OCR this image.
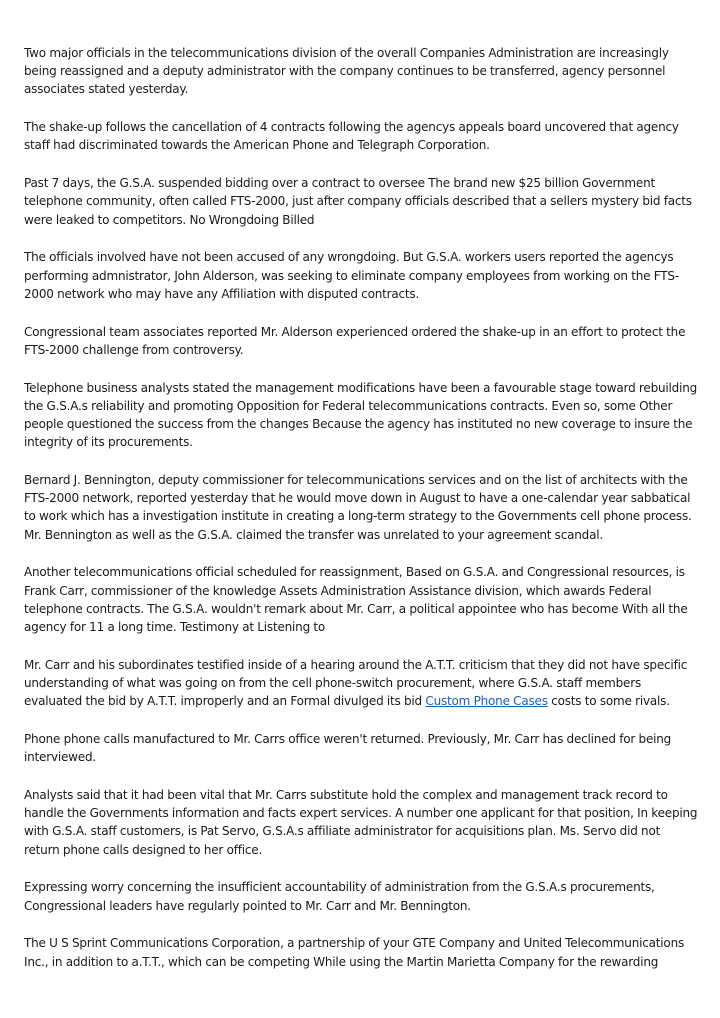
Two major officials in the telecommunications division of the overall Companies Administration are increasingly being reassigned and a deputy administrator with the company continues to be transferred, agency personnel associates stated yesterday.

The shake-up follows the cancellation of 4 contracts following the agencys appeals board uncovered that agency staff had discriminated towards the American Phone and Telegraph Corporation.

Past 7 days, the G.S.A. suspended bidding over a contract to oversee The brand new $25 billion Government telephone community, often called FTS-2000, just after company officials described that a sellers mystery bid facts were leaked to competitors. No Wrongdoing Billed

The officials involved have not been accused of any wrongdoing. But G.S.A. workers users reported the agencys performing admnistrator, John Alderson, was seeking to eliminate company employees from working on the FTS-2000 network who may have any Affiliation with disputed contracts.

Congressional team associates reported Mr. Alderson experienced ordered the shake-up in an effort to protect the FTS-2000 challenge from controversy.

Telephone business analysts stated the management modifications have been a favourable stage toward rebuilding the G.S.A.s reliability and promoting Opposition for Federal telecommunications contracts. Even so, some Other people questioned the success from the changes Because the agency has instituted no new coverage to insure the integrity of its procurements.

Bernard J. Bennington, deputy commissioner for telecommunications services and on the list of architects with the FTS-2000 network, reported yesterday that he would move down in August to have a one-calendar year sabbatical to work which has a investigation institute in creating a long-term strategy to the Governments cell phone process. Mr. Bennington as well as the G.S.A. claimed the transfer was unrelated to your agreement scandal.

Another telecommunications official scheduled for reassignment, Based on G.S.A. and Congressional resources, is Frank Carr, commissioner of the knowledge Assets Administration Assistance division, which awards Federal telephone contracts. The G.S.A. wouldn't remark about Mr. Carr, a political appointee who has become With all the agency for 11 a long time. Testimony at Listening to

Mr. Carr and his subordinates testified inside of a hearing around the A.T.T. criticism that they did not have specific understanding of what was going on from the cell phone-switch procurement, where G.S.A. staff members evaluated the bid by A.T.T. improperly and an Formal divulged its bid Custom Phone Cases costs to some rivals.

Phone phone calls manufactured to Mr. Carrs office weren't returned. Previously, Mr. Carr has declined for being interviewed.

Analysts said that it had been vital that Mr. Carrs substitute hold the complex and management track record to handle the Governments information and facts expert services. A number one applicant for that position, In keeping with G.S.A. staff customers, is Pat Servo, G.S.A.s affiliate administrator for acquisitions plan. Ms. Servo did not return phone calls designed to her office.

Expressing worry concerning the insufficient accountability of administration from the G.S.A.s procurements, Congressional leaders have regularly pointed to Mr. Carr and Mr. Bennington.

The U S Sprint Communications Corporation, a partnership of your GTE Company and United Telecommunications Inc., in addition to a.T.T., which can be competing While using the Martin Marietta Company for the rewarding
